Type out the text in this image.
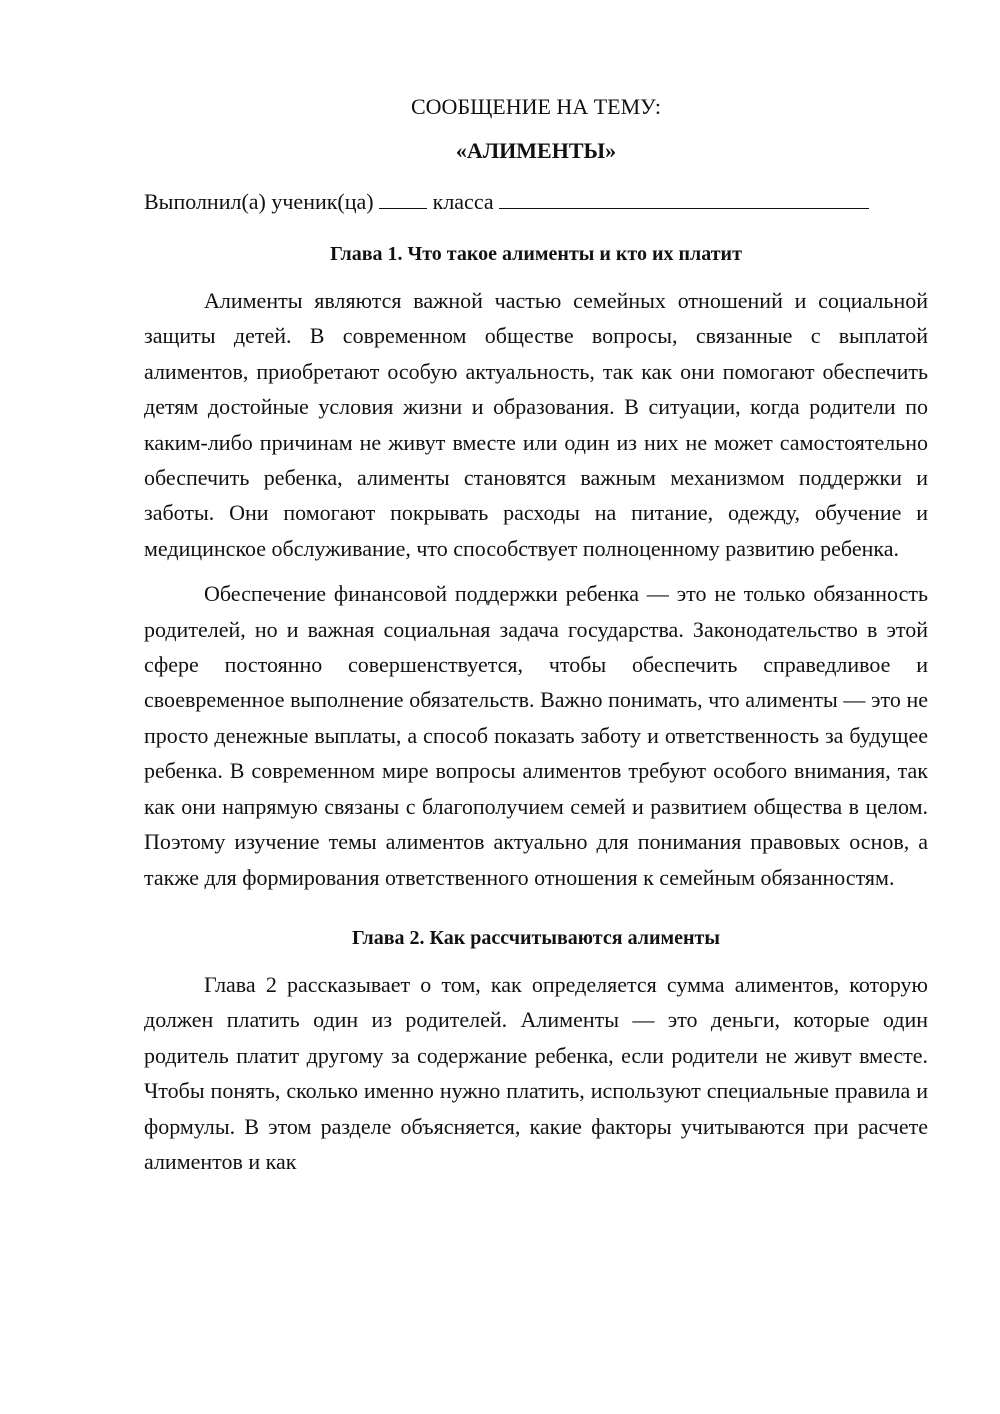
СООБЩЕНИЕ НА ТЕМУ:
«АЛИМЕНТЫ»
Выполнил(а) ученик(ца)	класса
Глава 1. Что такое алименты и кто их платит

Алименты являются важной частью семейных отношений и социальной защиты детей. В современном обществе вопросы, связанные с выплатой алиментов, приобретают особую актуальность, так как они помогают обеспечить детям достойные условия жизни и образования. В ситуации, когда родители по каким-либо причинам не живут вместе или один из них не может самостоятельно обеспечить ребенка, алименты становятся важным механизмом поддержки и заботы. Они помогают покрывать расходы на питание, одежду, обучение и медицинское обслуживание, что способствует полноценному развитию ребенка.

Обеспечение финансовой поддержки ребенка — это не только обязанность родителей, но и важная социальная задача государства. Законодательство в этой сфере постоянно совершенствуется, чтобы обеспечить справедливое и своевременное выполнение обязательств. Важно понимать, что алименты — это не просто денежные выплаты, а способ показать заботу и ответственность за будущее ребенка. В современном мире вопросы алиментов требуют особого внимания, так как они напрямую связаны с благополучием семей и развитием общества в целом. Поэтому изучение темы алиментов актуально для понимания правовых основ, а также для формирования ответственного отношения к семейным обязанностям.

Глава 2. Как рассчитываются алименты

Глава 2 рассказывает о том, как определяется сумма алиментов, которую должен платить один из родителей. Алименты — это деньги, которые один родитель платит другому за содержание ребенка, если родители не живут вместе. Чтобы понять, сколько именно нужно платить, используют специальные правила и формулы. В этом разделе объясняется, какие факторы учитываются при расчете алиментов и как
